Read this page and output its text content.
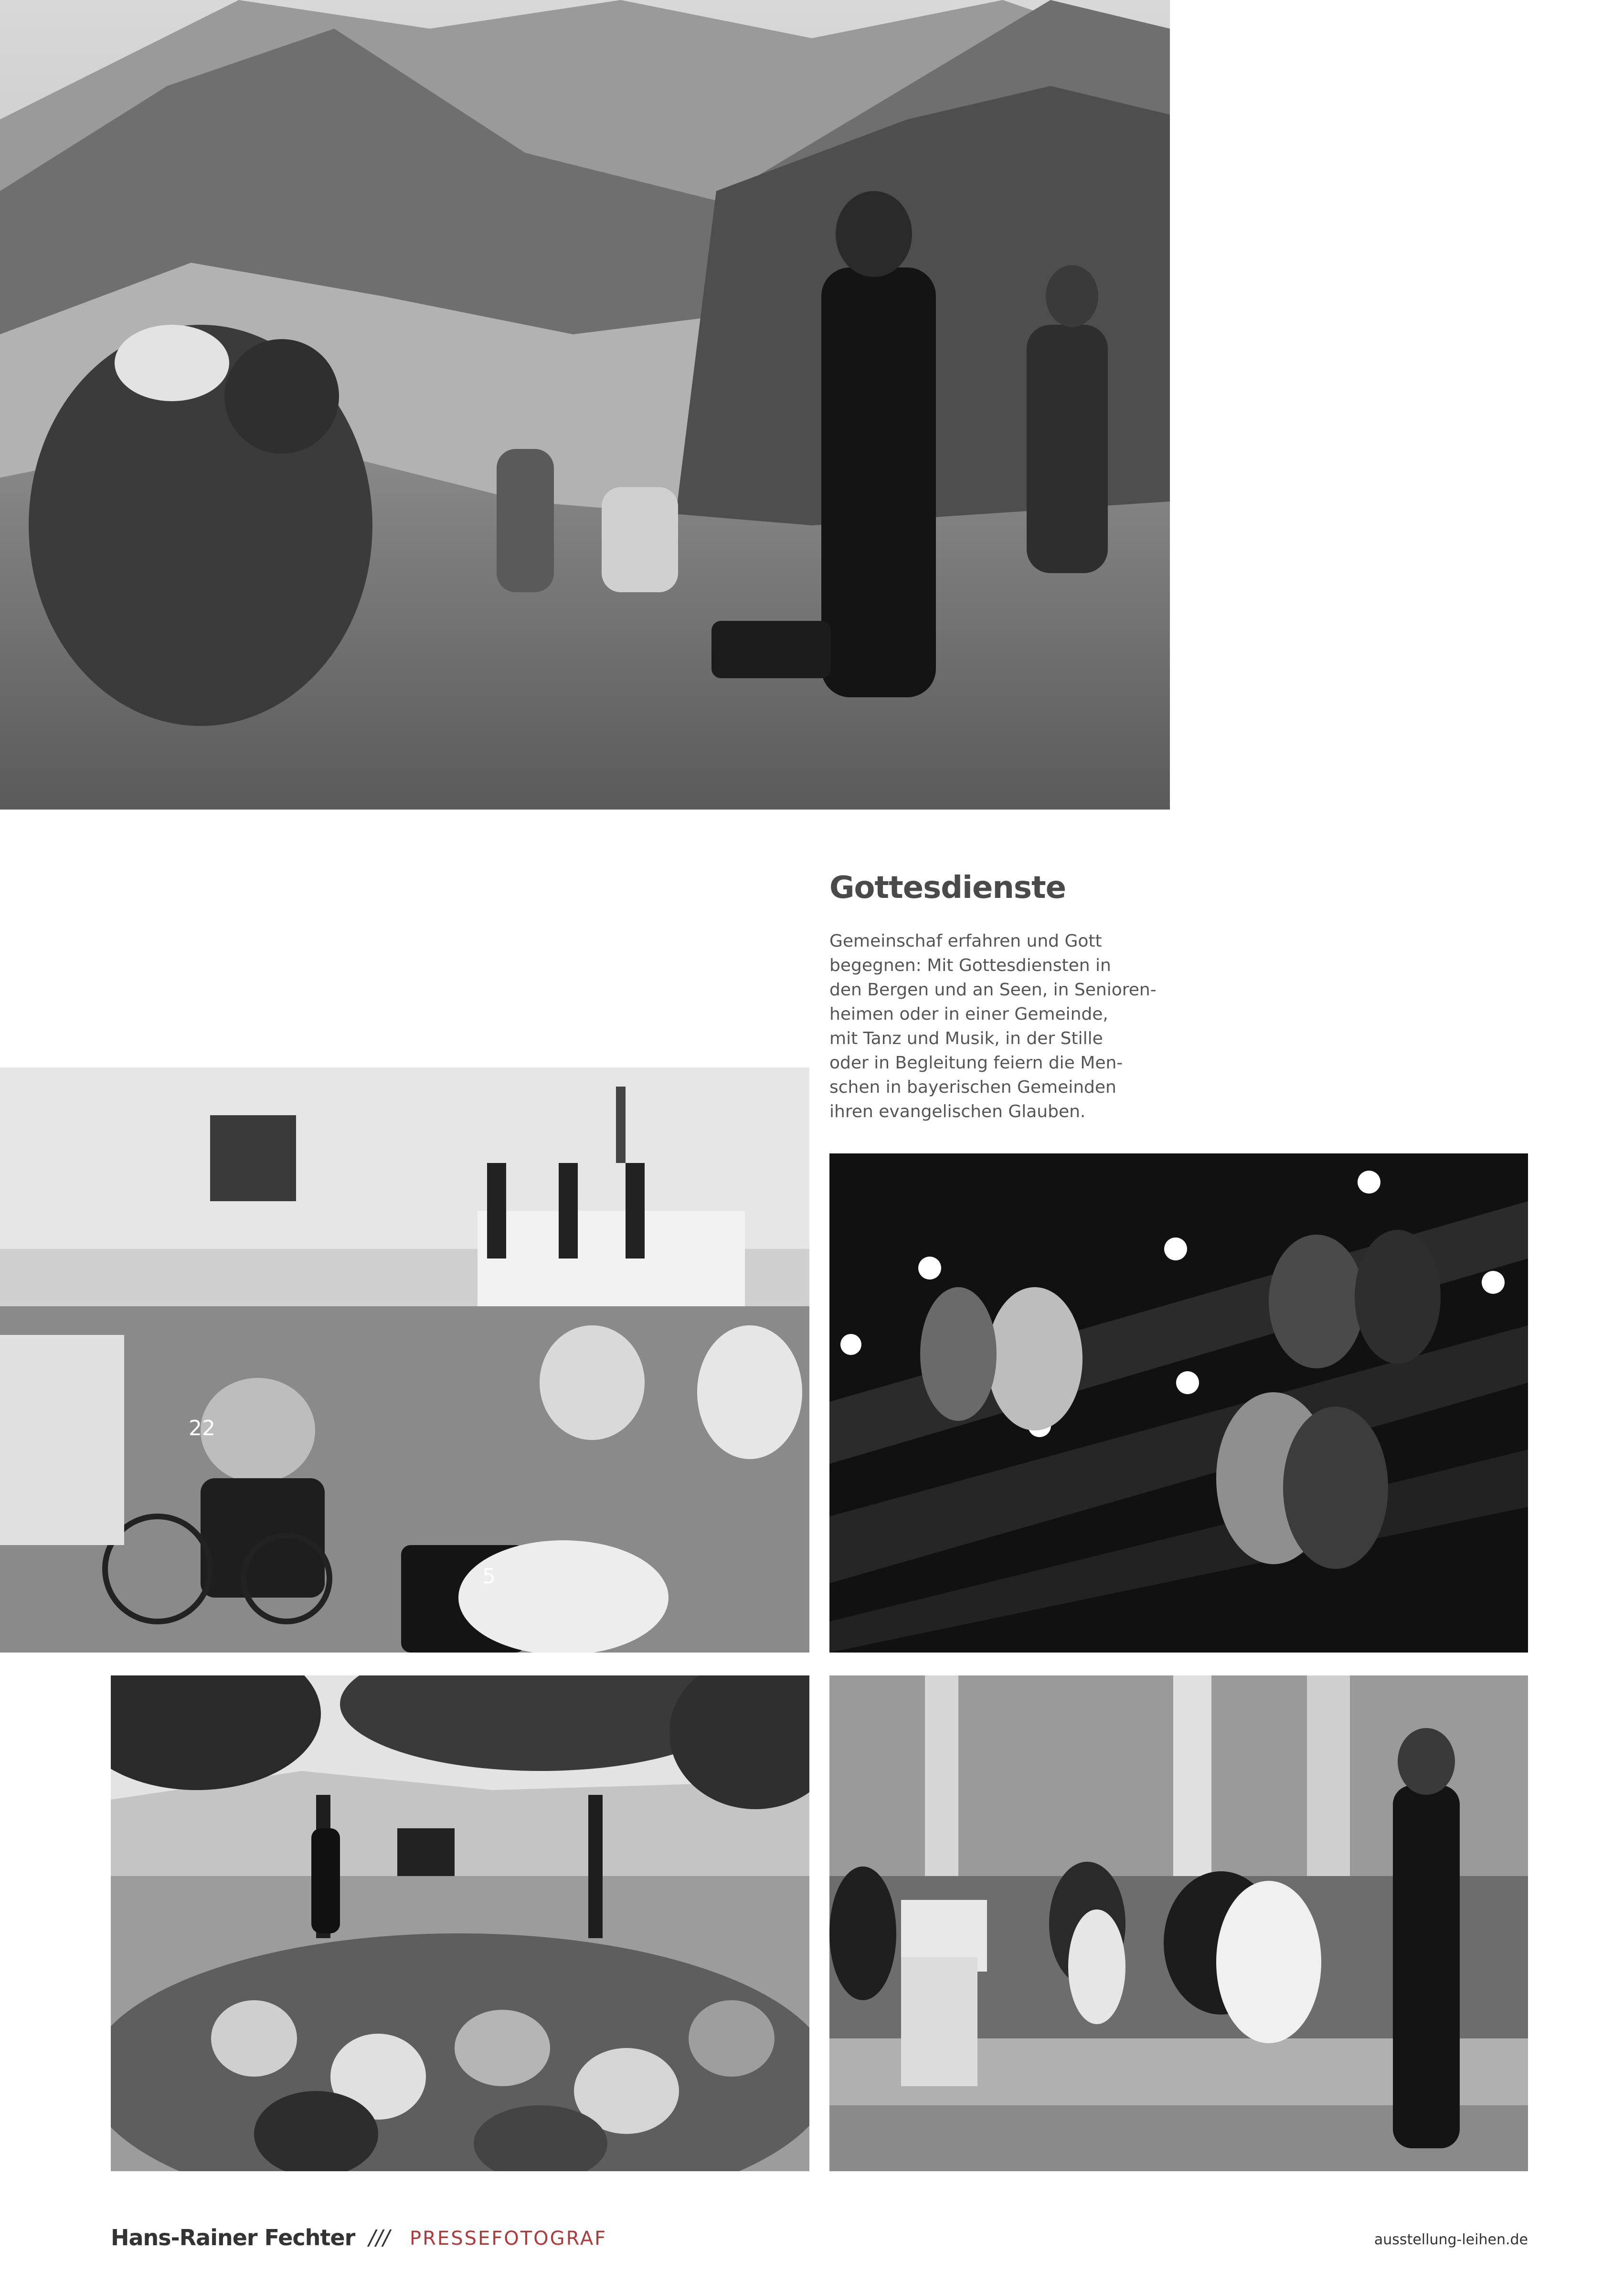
Gottesdienste
Gemeinschaf erfahren und Gott
begegnen: Mit Gottesdiensten in
den Bergen und an Seen, in Senioren-
heimen oder in einer Gemeinde,
mit Tanz und Musik, in der Stille
oder in Begleitung feiern die Men-
schen in bayerischen Gemeinden
ihren evangelischen Glauben.
22
5
Hans-Rainer Fechter /// PRESSEFOTOGRAF	ausstellung-leihen.de
